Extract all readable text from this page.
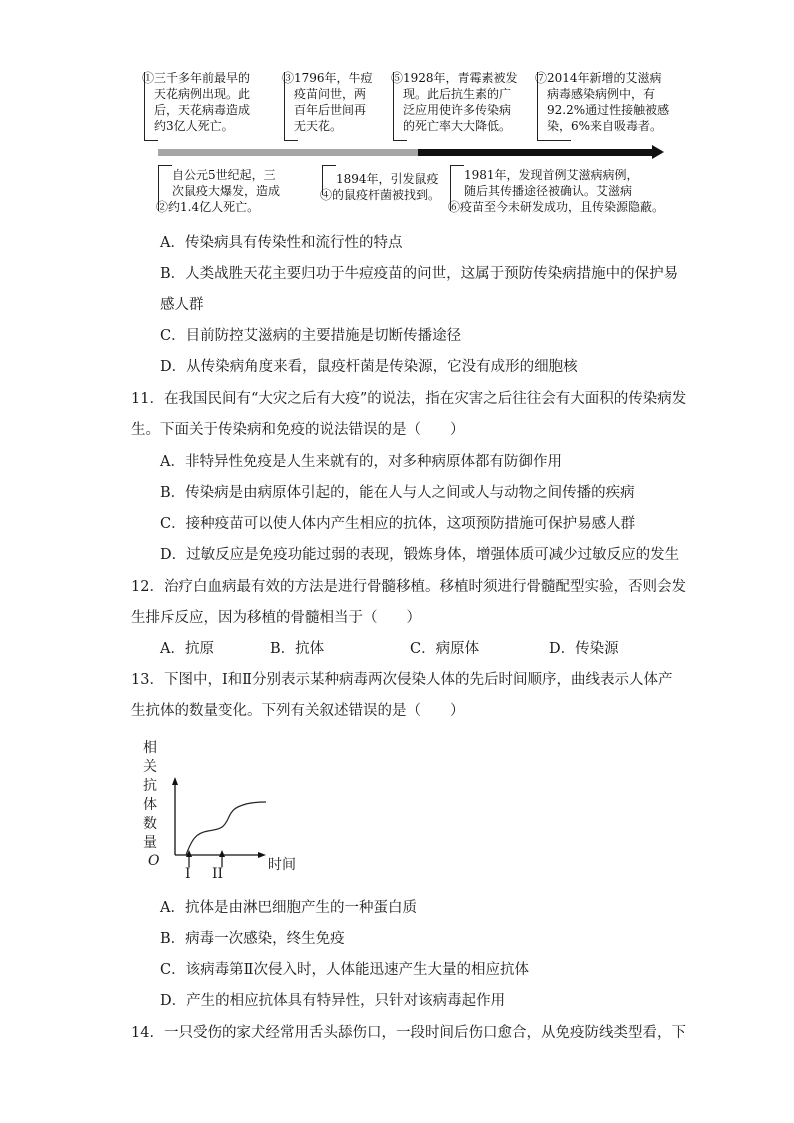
①三千多年前最早的
天花病例出现。此
后，天花病毒造成
约3亿人死亡。
③1796年，牛痘
疫苗问世，两
百年后世间再
无天花。
⑤1928年，青霉素被发
现。此后抗生素的广
泛应用使许多传染病
的死亡率大大降低。
⑦2014年新增的艾滋病
病毒感染病例中，有
92.2%通过性接触被感
染，6%来自吸毒者。
自公元5世纪起，三
次鼠疫大爆发，造成
②约1.4亿人死亡。
1894年，引发鼠疫
④的鼠疫杆菌被找到。
1981年，发现首例艾滋病病例，
随后其传播途径被确认。艾滋病
⑥疫苗至今未研发成功，且传染源隐蔽。
A．传染病具有传染性和流行性的特点
B．人类战胜天花主要归功于牛痘疫苗的问世，这属于预防传染病措施中的保护易
感人群
C．目前防控艾滋病的主要措施是切断传播途径
D．从传染病角度来看，鼠疫杆菌是传染源，它没有成形的细胞核
11．在我国民间有“大灾之后有大疫”的说法，指在灾害之后往往会有大面积的传染病发
生。下面关于传染病和免疫的说法错误的是（　　）
A．非特异性免疫是人生来就有的，对多种病原体都有防御作用
B．传染病是由病原体引起的，能在人与人之间或人与动物之间传播的疾病
C．接种疫苗可以使人体内产生相应的抗体，这项预防措施可保护易感人群
D．过敏反应是免疫功能过弱的表现，锻炼身体，增强体质可减少过敏反应的发生
12．治疗白血病最有效的方法是进行骨髓移植。移植时须进行骨髓配型实验，否则会发
生排斥反应，因为移植的骨髓相当于（　　）
A．抗原	B．抗体	C．病原体	D．传染源
13．下图中，I和Ⅱ分别表示某种病毒两次侵染人体的先后时间顺序，曲线表示人体产
生抗体的数量变化。下列有关叙述错误的是（　　）
相
关
抗
体
数
量
O	时间
I II
A．抗体是由淋巴细胞产生的一种蛋白质
B．病毒一次感染，终生免疫
C．该病毒第Ⅱ次侵入时，人体能迅速产生大量的相应抗体
D．产生的相应抗体具有特异性，只针对该病毒起作用
14．一只受伤的家犬经常用舌头舔伤口，一段时间后伤口愈合，从免疫防线类型看，下
